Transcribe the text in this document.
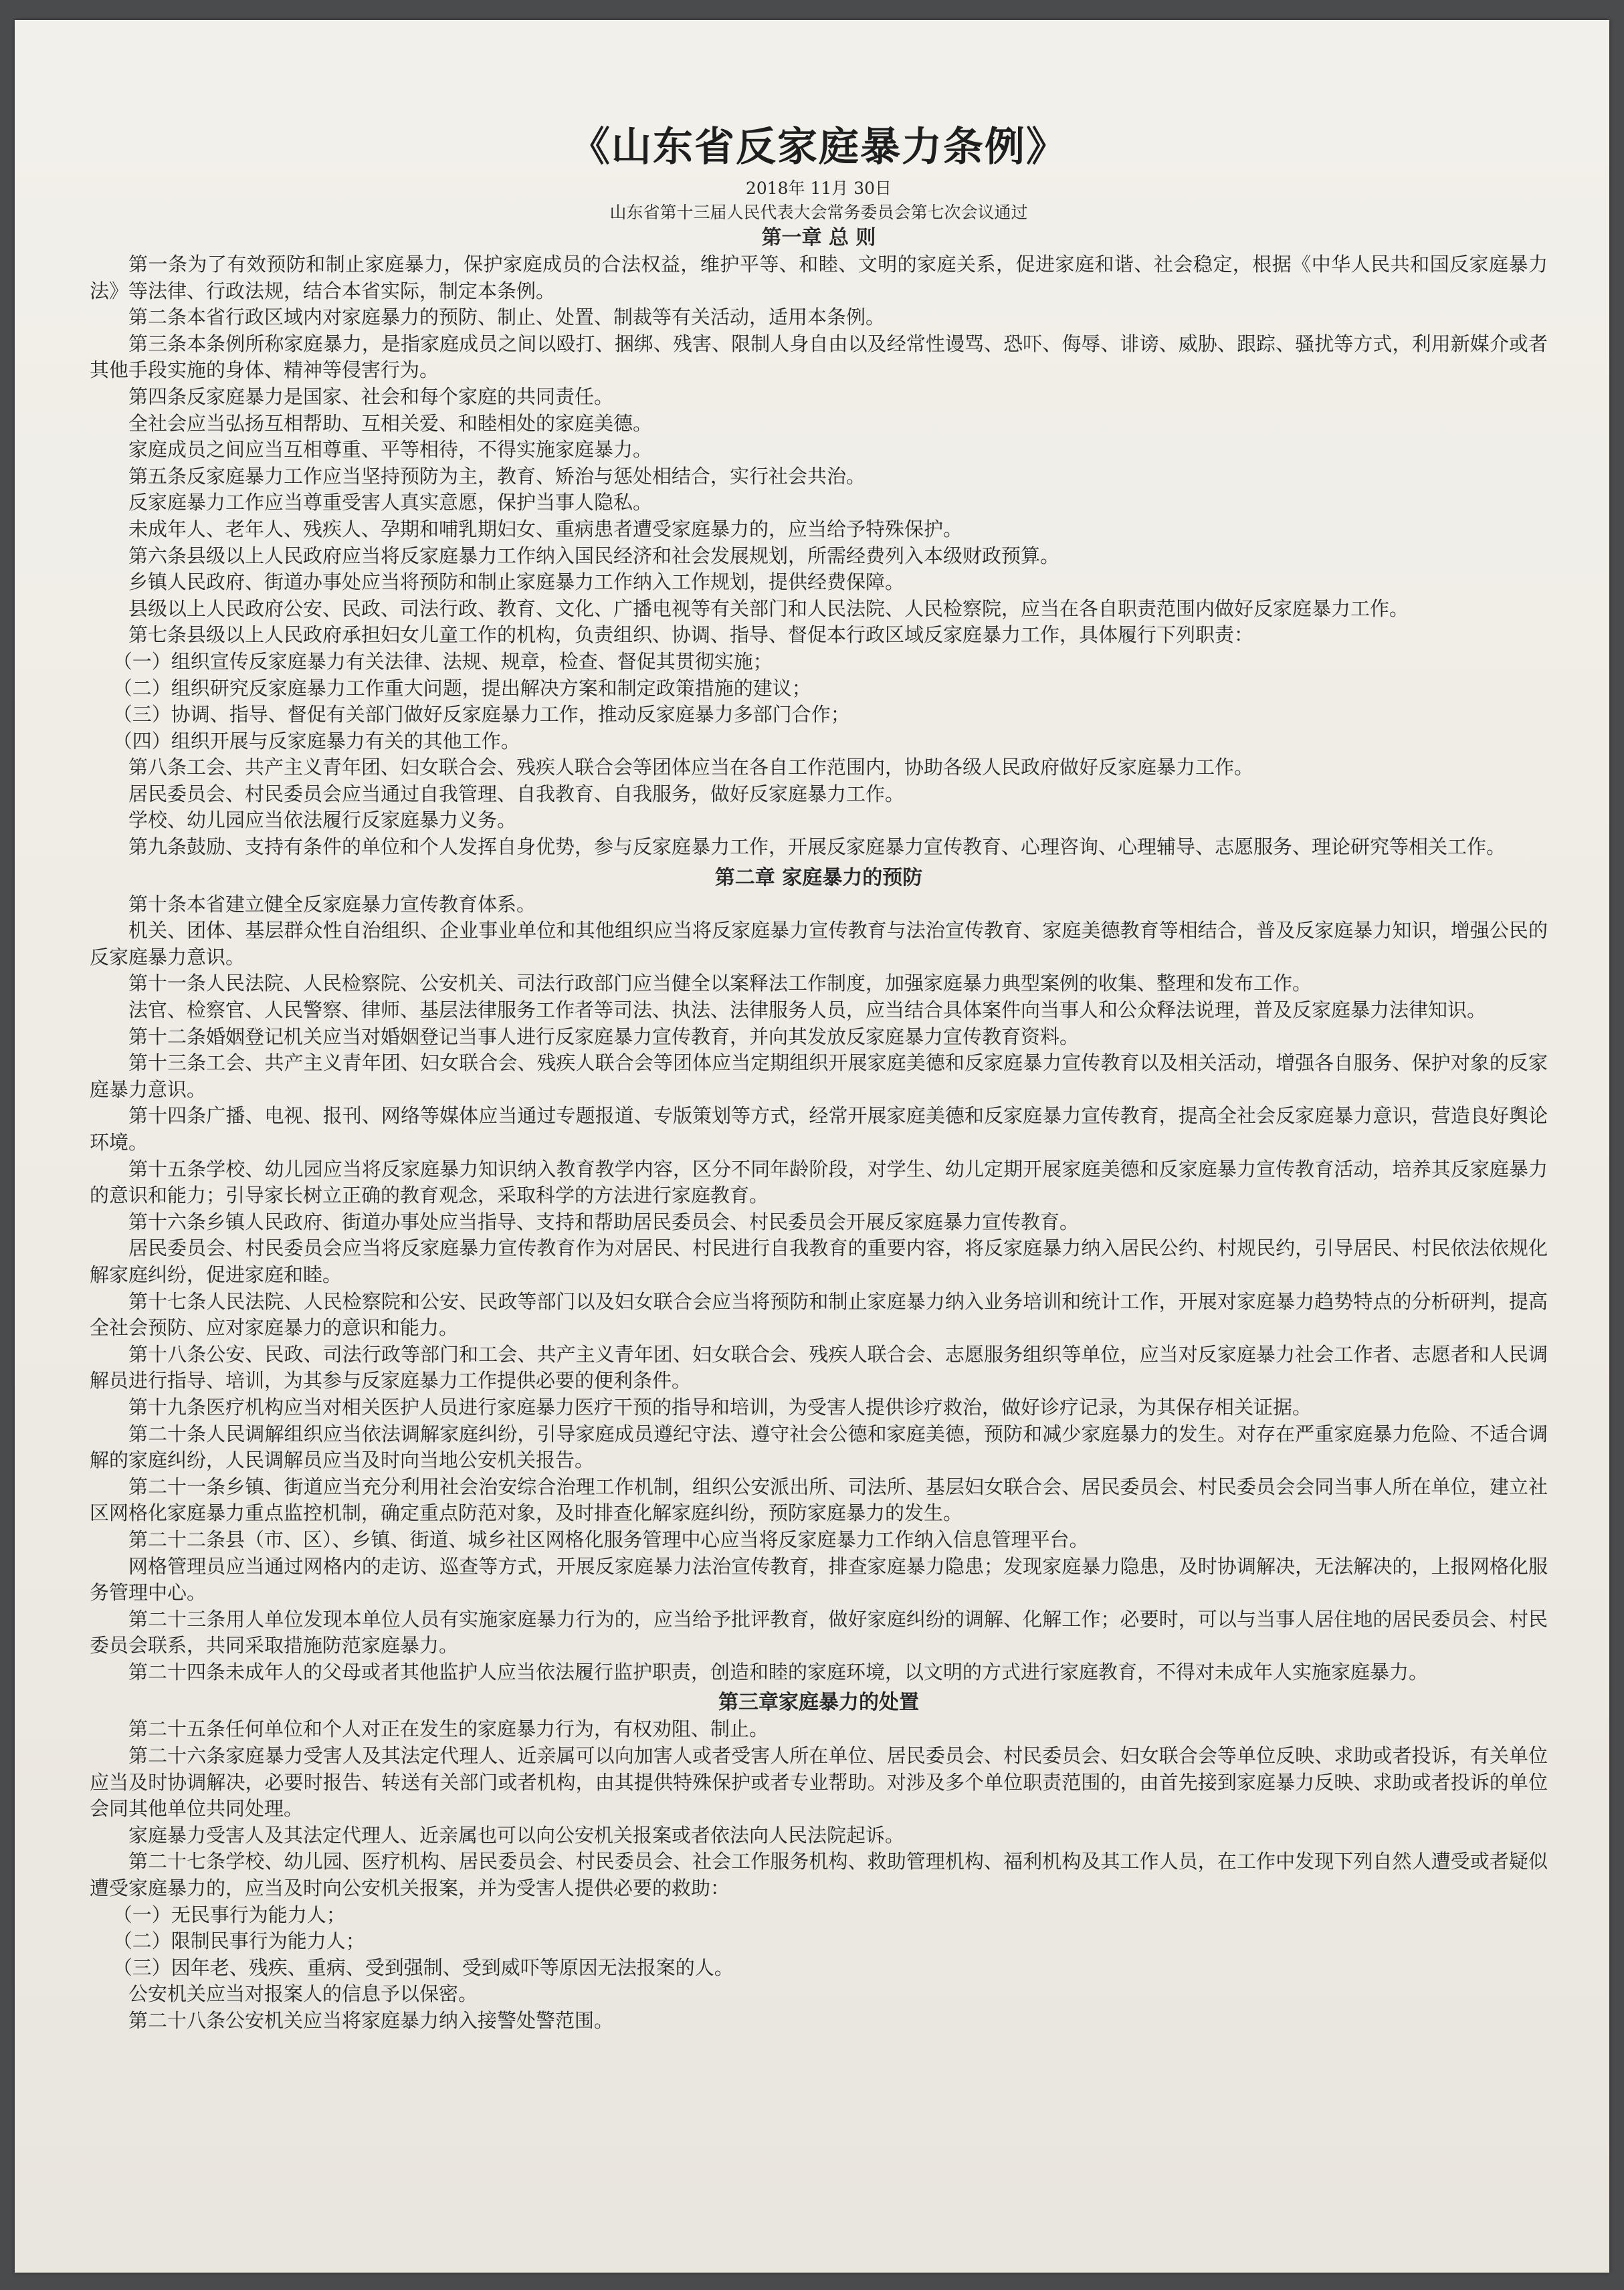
《山东省反家庭暴力条例》
2018年 11月 30日
山东省第十三届人民代表大会常务委员会第七次会议通过
第一章 总 则

第一条为了有效预防和制止家庭暴力，保护家庭成员的合法权益，维护平等、和睦、文明的家庭关系，促进家庭和谐、社会稳定，根据《中华人民共和国反家庭暴力法》等法律、行政法规，结合本省实际，制定本条例。

第二条本省行政区域内对家庭暴力的预防、制止、处置、制裁等有关活动，适用本条例。

第三条本条例所称家庭暴力，是指家庭成员之间以殴打、捆绑、残害、限制人身自由以及经常性谩骂、恐吓、侮辱、诽谤、威胁、跟踪、骚扰等方式，利用新媒介或者其他手段实施的身体、精神等侵害行为。

第四条反家庭暴力是国家、社会和每个家庭的共同责任。

全社会应当弘扬互相帮助、互相关爱、和睦相处的家庭美德。

家庭成员之间应当互相尊重、平等相待，不得实施家庭暴力。

第五条反家庭暴力工作应当坚持预防为主，教育、矫治与惩处相结合，实行社会共治。

反家庭暴力工作应当尊重受害人真实意愿，保护当事人隐私。

未成年人、老年人、残疾人、孕期和哺乳期妇女、重病患者遭受家庭暴力的，应当给予特殊保护。

第六条县级以上人民政府应当将反家庭暴力工作纳入国民经济和社会发展规划，所需经费列入本级财政预算。

乡镇人民政府、街道办事处应当将预防和制止家庭暴力工作纳入工作规划，提供经费保障。

县级以上人民政府公安、民政、司法行政、教育、文化、广播电视等有关部门和人民法院、人民检察院，应当在各自职责范围内做好反家庭暴力工作。

第七条县级以上人民政府承担妇女儿童工作的机构，负责组织、协调、指导、督促本行政区域反家庭暴力工作，具体履行下列职责：

（一）组织宣传反家庭暴力有关法律、法规、规章，检查、督促其贯彻实施；

（二）组织研究反家庭暴力工作重大问题，提出解决方案和制定政策措施的建议；

（三）协调、指导、督促有关部门做好反家庭暴力工作，推动反家庭暴力多部门合作；

（四）组织开展与反家庭暴力有关的其他工作。

第八条工会、共产主义青年团、妇女联合会、残疾人联合会等团体应当在各自工作范围内，协助各级人民政府做好反家庭暴力工作。

居民委员会、村民委员会应当通过自我管理、自我教育、自我服务，做好反家庭暴力工作。

学校、幼儿园应当依法履行反家庭暴力义务。

第九条鼓励、支持有条件的单位和个人发挥自身优势，参与反家庭暴力工作，开展反家庭暴力宣传教育、心理咨询、心理辅导、志愿服务、理论研究等相关工作。

第二章 家庭暴力的预防

第十条本省建立健全反家庭暴力宣传教育体系。

机关、团体、基层群众性自治组织、企业事业单位和其他组织应当将反家庭暴力宣传教育与法治宣传教育、家庭美德教育等相结合，普及反家庭暴力知识，增强公民的反家庭暴力意识。

第十一条人民法院、人民检察院、公安机关、司法行政部门应当健全以案释法工作制度，加强家庭暴力典型案例的收集、整理和发布工作。

法官、检察官、人民警察、律师、基层法律服务工作者等司法、执法、法律服务人员，应当结合具体案件向当事人和公众释法说理，普及反家庭暴力法律知识。

第十二条婚姻登记机关应当对婚姻登记当事人进行反家庭暴力宣传教育，并向其发放反家庭暴力宣传教育资料。

第十三条工会、共产主义青年团、妇女联合会、残疾人联合会等团体应当定期组织开展家庭美德和反家庭暴力宣传教育以及相关活动，增强各自服务、保护对象的反家庭暴力意识。

第十四条广播、电视、报刊、网络等媒体应当通过专题报道、专版策划等方式，经常开展家庭美德和反家庭暴力宣传教育，提高全社会反家庭暴力意识，营造良好舆论环境。

第十五条学校、幼儿园应当将反家庭暴力知识纳入教育教学内容，区分不同年龄阶段，对学生、幼儿定期开展家庭美德和反家庭暴力宣传教育活动，培养其反家庭暴力的意识和能力；引导家长树立正确的教育观念，采取科学的方法进行家庭教育。

第十六条乡镇人民政府、街道办事处应当指导、支持和帮助居民委员会、村民委员会开展反家庭暴力宣传教育。

居民委员会、村民委员会应当将反家庭暴力宣传教育作为对居民、村民进行自我教育的重要内容，将反家庭暴力纳入居民公约、村规民约，引导居民、村民依法依规化解家庭纠纷，促进家庭和睦。

第十七条人民法院、人民检察院和公安、民政等部门以及妇女联合会应当将预防和制止家庭暴力纳入业务培训和统计工作，开展对家庭暴力趋势特点的分析研判，提高全社会预防、应对家庭暴力的意识和能力。

第十八条公安、民政、司法行政等部门和工会、共产主义青年团、妇女联合会、残疾人联合会、志愿服务组织等单位，应当对反家庭暴力社会工作者、志愿者和人民调解员进行指导、培训，为其参与反家庭暴力工作提供必要的便利条件。

第十九条医疗机构应当对相关医护人员进行家庭暴力医疗干预的指导和培训，为受害人提供诊疗救治，做好诊疗记录，为其保存相关证据。

第二十条人民调解组织应当依法调解家庭纠纷，引导家庭成员遵纪守法、遵守社会公德和家庭美德，预防和减少家庭暴力的发生。对存在严重家庭暴力危险、不适合调解的家庭纠纷，人民调解员应当及时向当地公安机关报告。

第二十一条乡镇、街道应当充分利用社会治安综合治理工作机制，组织公安派出所、司法所、基层妇女联合会、居民委员会、村民委员会会同当事人所在单位，建立社区网格化家庭暴力重点监控机制，确定重点防范对象，及时排查化解家庭纠纷，预防家庭暴力的发生。

第二十二条县（市、区）、乡镇、街道、城乡社区网格化服务管理中心应当将反家庭暴力工作纳入信息管理平台。

网格管理员应当通过网格内的走访、巡查等方式，开展反家庭暴力法治宣传教育，排查家庭暴力隐患；发现家庭暴力隐患，及时协调解决，无法解决的，上报网格化服务管理中心。

第二十三条用人单位发现本单位人员有实施家庭暴力行为的，应当给予批评教育，做好家庭纠纷的调解、化解工作；必要时，可以与当事人居住地的居民委员会、村民委员会联系，共同采取措施防范家庭暴力。

第二十四条未成年人的父母或者其他监护人应当依法履行监护职责，创造和睦的家庭环境，以文明的方式进行家庭教育，不得对未成年人实施家庭暴力。

第三章家庭暴力的处置

第二十五条任何单位和个人对正在发生的家庭暴力行为，有权劝阻、制止。

第二十六条家庭暴力受害人及其法定代理人、近亲属可以向加害人或者受害人所在单位、居民委员会、村民委员会、妇女联合会等单位反映、求助或者投诉，有关单位应当及时协调解决，必要时报告、转送有关部门或者机构，由其提供特殊保护或者专业帮助。对涉及多个单位职责范围的，由首先接到家庭暴力反映、求助或者投诉的单位会同其他单位共同处理。

家庭暴力受害人及其法定代理人、近亲属也可以向公安机关报案或者依法向人民法院起诉。

第二十七条学校、幼儿园、医疗机构、居民委员会、村民委员会、社会工作服务机构、救助管理机构、福利机构及其工作人员，在工作中发现下列自然人遭受或者疑似遭受家庭暴力的，应当及时向公安机关报案，并为受害人提供必要的救助：

（一）无民事行为能力人；

（二）限制民事行为能力人；

（三）因年老、残疾、重病、受到强制、受到威吓等原因无法报案的人。

公安机关应当对报案人的信息予以保密。

第二十八条公安机关应当将家庭暴力纳入接警处警范围。
